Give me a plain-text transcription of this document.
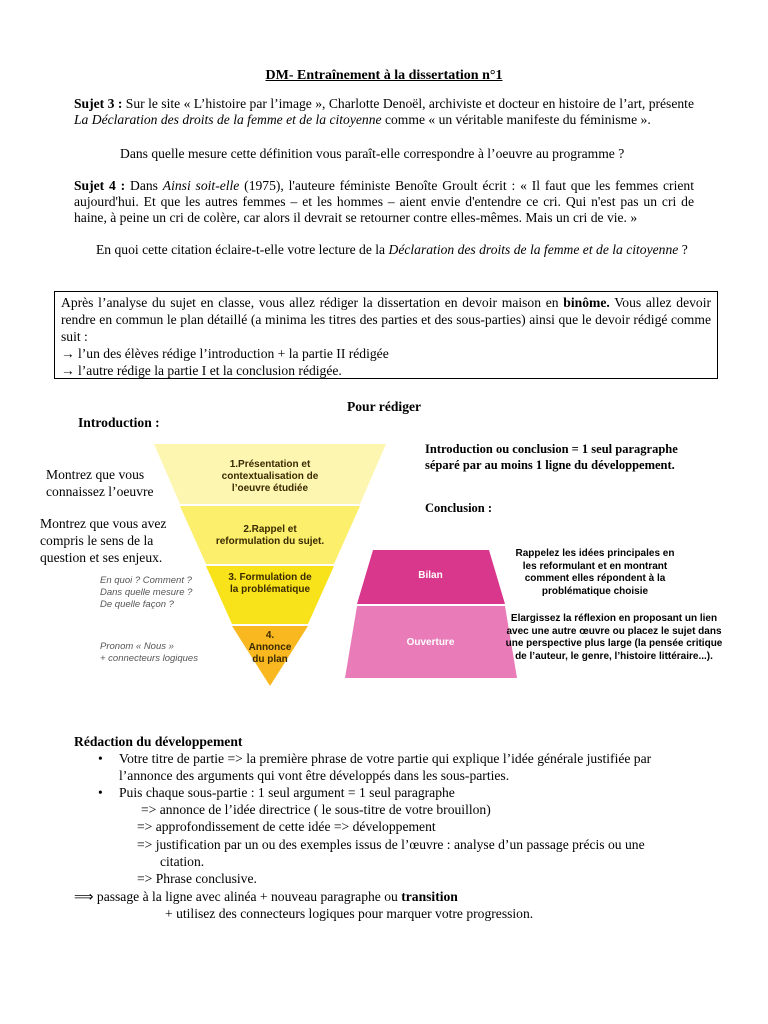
DM- Entraînement à la dissertation n°1
Sujet 3 : Sur le site « L’histoire par l’image », Charlotte Denoël, archiviste et docteur en histoire de l’art, présente La Déclaration des droits de la femme et de la citoyenne comme « un véritable manifeste du féminisme ».
Dans quelle mesure cette définition vous paraît-elle correspondre à l’oeuvre au programme ?
Sujet 4 : Dans Ainsi soit-elle (1975), l'auteure féministe Benoîte Groult écrit : « Il faut que les femmes crient aujourd'hui. Et que les autres femmes – et les hommes – aient envie d'entendre ce cri. Qui n'est pas un cri de haine, à peine un cri de colère, car alors il devrait se retourner contre elles-mêmes. Mais un cri de vie. »
En quoi cette citation éclaire-t-elle votre lecture de la Déclaration des droits de la femme et de la citoyenne ?
Après l’analyse du sujet en classe, vous allez rédiger la dissertation en devoir maison en binôme. Vous allez devoir rendre en commun le plan détaillé (a minima les titres des parties et des sous-parties) ainsi que le devoir rédigé comme suit :
→ l’un des élèves rédige l’introduction + la partie II rédigée
→ l’autre rédige la partie I et la conclusion rédigée.
Pour rédiger
Introduction :
1.Présentation et contextualisation de l’oeuvre étudiée
2.Rappel et reformulation du sujet.
3. Formulation de la problématique
4. Annonce du plan
Montrez que vous connaissez l’oeuvre
Montrez que vous avez compris le sens de la question et ses enjeux.
En quoi ? Comment ?
Dans quelle mesure ?
De quelle façon ?
Pronom « Nous »
+ connecteurs logiques
Introduction ou conclusion = 1 seul paragraphe séparé par au moins 1 ligne du développement.
Conclusion :
Bilan
Ouverture
Rappelez les idées principales en les reformulant et en montrant comment elles répondent à la problématique choisie
Elargissez la réflexion en proposant un lien avec une autre œuvre ou placez le sujet dans une perspective plus large (la pensée critique de l’auteur, le genre, l’histoire littéraire...).
Rédaction du développement
•	Votre titre de partie => la première phrase de votre partie qui explique l’idée générale justifiée par l’annonce des arguments qui vont être développés dans les sous-parties.
•	Puis chaque sous-partie : 1 seul argument = 1 seul paragraphe
=> annonce de l’idée directrice ( le sous-titre de votre brouillon)
=> approfondissement de cette idée => développement
=> justification par un ou des exemples issus de l’œuvre : analyse d’un passage précis ou une
citation.
=> Phrase conclusive.
⟹ passage à la ligne avec alinéa + nouveau paragraphe ou transition
+ utilisez des connecteurs logiques pour marquer votre progression.
